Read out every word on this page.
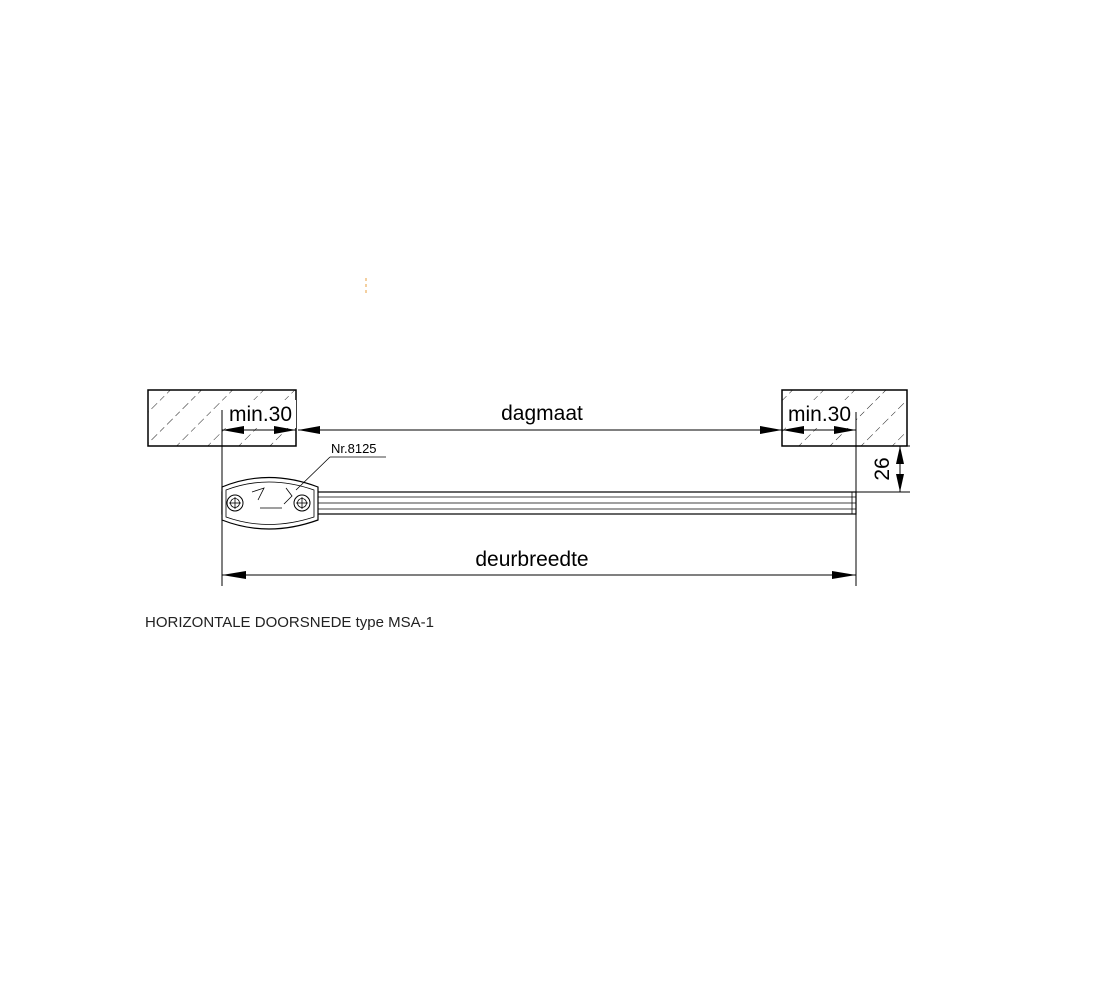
min.30	dagmaat	min.30
26
Nr.8125
deurbreedte
HORIZONTALE DOORSNEDE type MSA-1
